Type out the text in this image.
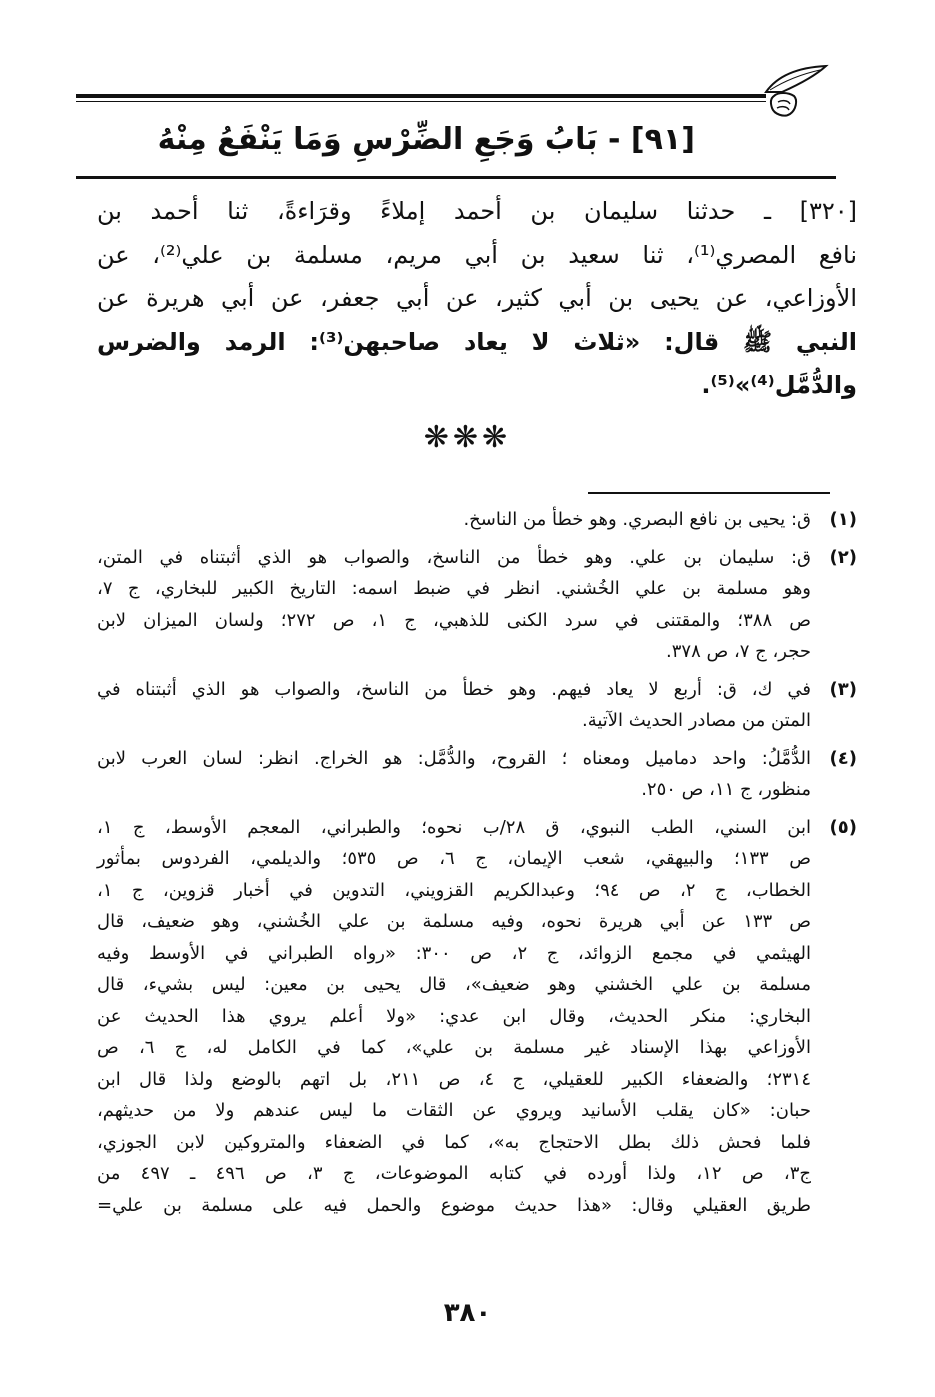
[٩١] - بَابُ وَجَعِ الضِّرْسِ وَمَا يَنْفَعُ مِنْهُ
[٣٢٠] ـ حدثنا سليمان بن أحمد إملاءً وقرَاءةً، ثنا أحمد بن
نافع المصري⁽¹⁾، ثنا سعيد بن أبي مريم، مسلمة بن علي⁽²⁾، عن
الأوزاعي، عن يحيى بن أبي كثير، عن أبي جعفر، عن أبي هريرة عن
النبي ﷺ قال: «ثلاث لا يعاد صاحبهن⁽³⁾: الرمد والضرس
والدُّمَّل⁽⁴⁾»⁽⁵⁾.
❋❋❋
(١)
ق: يحيى بن نافع البصري. وهو خطأ من الناسخ.
(٢)
ق: سليمان بن علي. وهو خطأ من الناسخ، والصواب هو الذي أثبتناه في المتن،
وهو مسلمة بن علي الخُشني. انظر في ضبط اسمه: التاريخ الكبير للبخاري، ج ٧،
ص ٣٨٨؛ والمقتنى في سرد الكنى للذهبي، ج ١، ص ٢٧٢؛ ولسان الميزان لابن
حجر، ج ٧، ص ٣٧٨.
(٣)
في ك، ق: أربع لا يعاد فيهم. وهو خطأ من الناسخ، والصواب هو الذي أثبتناه في
المتن من مصادر الحديث الآتية.
(٤)
الدُّمَّلُ: واحد دماميل ومعناه ؛ القروح، والدُّمَّل: هو الخراج. انظر: لسان العرب لابن
منظور، ج ١١، ص ٢٥٠.
(٥)
ابن السني، الطب النبوي، ق ٢٨/ب نحوه؛ والطبراني، المعجم الأوسط، ج ١،
ص ١٣٣؛ والبيهقي، شعب الإيمان، ج ٦، ص ٥٣٥؛ والديلمي، الفردوس بمأثور
الخطاب، ج ٢، ص ٩٤؛ وعبدالكريم القزويني، التدوين في أخبار قزوين، ج ١،
ص ١٣٣ عن أبي هريرة نحوه، وفيه مسلمة بن علي الخُشني، وهو ضعيف، قال
الهيثمي في مجمع الزوائد، ج ٢، ص ٣٠٠: «رواه الطبراني في الأوسط وفيه
مسلمة بن علي الخشني وهو ضعيف»، قال يحيى بن معين: ليس بشيء، قال
البخاري: منكر الحديث، وقال ابن عدي: «ولا أعلم يروي هذا الحديث عن
الأوزاعي بهذا الإسناد غير مسلمة بن علي»، كما في الكامل له، ج ٦، ص
٢٣١٤؛ والضعفاء الكبير للعقيلي، ج ٤، ص ٢١١، بل اتهم بالوضع ولذا قال ابن
حبان: «كان يقلب الأسانيد ويروي عن الثقات ما ليس عندهم ولا من حديثهم،
فلما فحش ذلك بطل الاحتجاج به»، كما في الضعفاء والمتروكين لابن الجوزي،
ج٣، ص ١٢، ولذا أورده في كتابه الموضوعات، ج ٣، ص ٤٩٦ ـ ٤٩٧ من
طريق العقيلي وقال: «هذا حديث موضوع والحمل فيه على مسلمة بن علي=
٣٨٠
